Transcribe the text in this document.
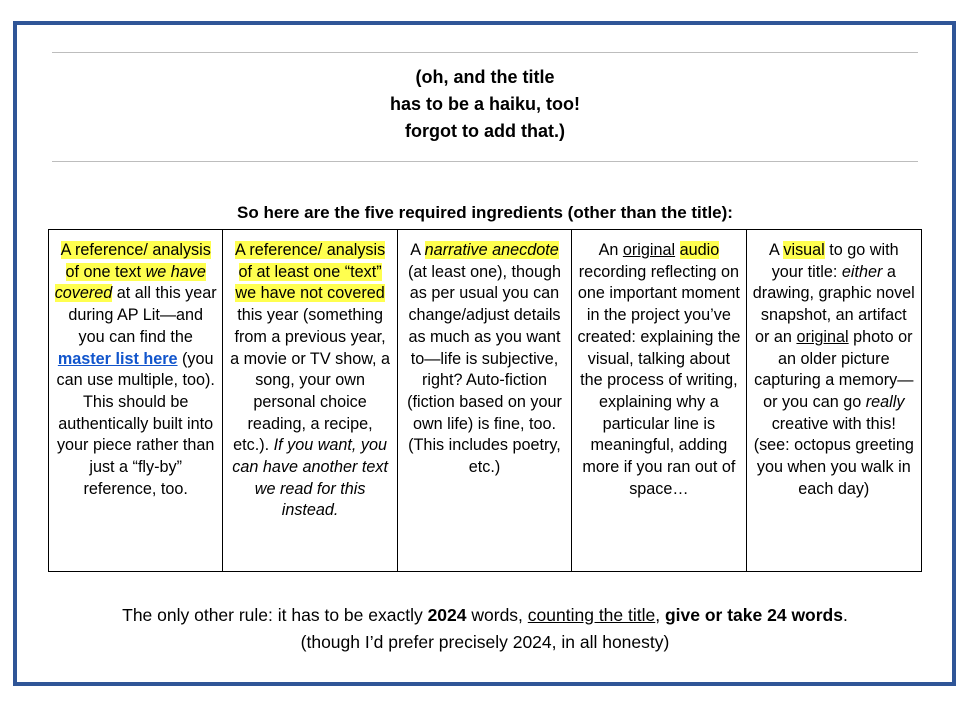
(oh, and the title
has to be a haiku, too!
forgot to add that.)
So here are the five required ingredients (other than the title):
A reference/ analysis of one text we have covered at all this year during AP Lit—and you can find the master list here (you can use multiple, too). This should be authentically built into your piece rather than just a “fly-by” reference, too.
A reference/ analysis of at least one “text” we have not covered this year (something from a previous year, a movie or TV show, a song, your own personal choice reading, a recipe, etc.). If you want, you can have another text we read for this instead.
A narrative anecdote (at least one), though as per usual you can change/adjust details as much as you want to—life is subjective, right? Auto-fiction (fiction based on your own life) is fine, too. (This includes poetry, etc.)
An original audio recording reflecting on one important moment in the project you’ve created: explaining the visual, talking about the process of writing, explaining why a particular line is meaningful, adding more if you ran out of space…
A visual to go with your title: either a drawing, graphic novel snapshot, an artifact or an original photo or an older picture capturing a memory—or you can go really creative with this! (see: octopus greeting you when you walk in each day)
The only other rule: it has to be exactly 2024 words, counting the title, give or take 24 words.
(though I’d prefer precisely 2024, in all honesty)
